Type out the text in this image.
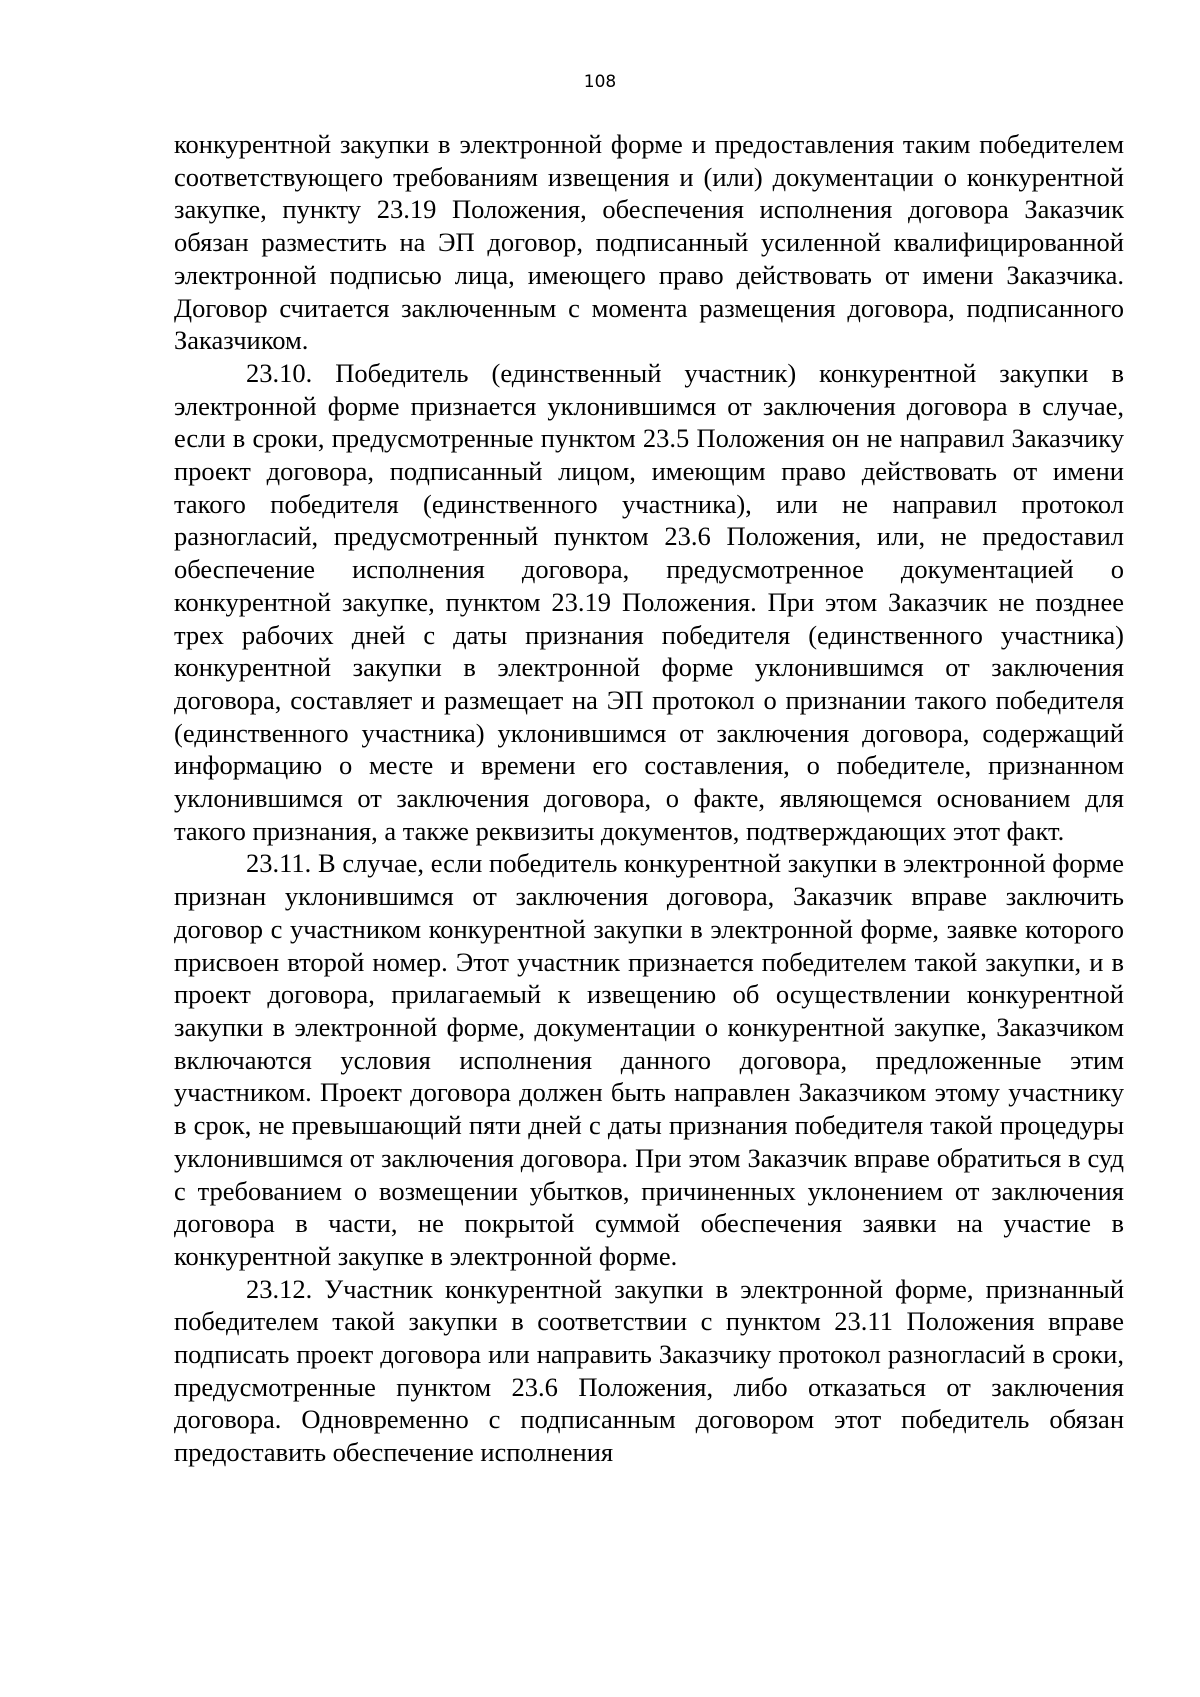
108

конкурентной закупки в электронной форме и предоставления таким победителем соответствующего требованиям извещения и (или) документации о конкурентной закупке, пункту 23.19 Положения, обеспечения исполнения договора Заказчик обязан разместить на ЭП договор, подписанный усиленной квалифицированной электронной подписью лица, имеющего право действовать от имени Заказчика. Договор считается заключенным с момента размещения договора, подписанного Заказчиком.

23.10. Победитель (единственный участник) конкурентной закупки в электронной форме признается уклонившимся от заключения договора в случае, если в сроки, предусмотренные пунктом 23.5 Положения он не направил Заказчику проект договора, подписанный лицом, имеющим право действовать от имени такого победителя (единственного участника), или не направил протокол разногласий, предусмотренный пунктом 23.6 Положения, или, не предоставил обеспечение исполнения договора, предусмотренное документацией о конкурентной закупке, пунктом 23.19 Положения. При этом Заказчик не позднее трех рабочих дней с даты признания победителя (единственного участника) конкурентной закупки в электронной форме уклонившимся от заключения договора, составляет и размещает на ЭП протокол о признании такого победителя (единственного участника) уклонившимся от заключения договора, содержащий информацию о месте и времени его составления, о победителе, признанном уклонившимся от заключения договора, о факте, являющемся основанием для такого признания, а также реквизиты документов, подтверждающих этот факт.

23.11. В случае, если победитель конкурентной закупки в электронной форме признан уклонившимся от заключения договора, Заказчик вправе заключить договор с участником конкурентной закупки в электронной форме, заявке которого присвоен второй номер. Этот участник признается победителем такой закупки, и в проект договора, прилагаемый к извещению об осуществлении конкурентной закупки в электронной форме, документации о конкурентной закупке, Заказчиком включаются условия исполнения данного договора, предложенные этим участником. Проект договора должен быть направлен Заказчиком этому участнику в срок, не превышающий пяти дней с даты признания победителя такой процедуры уклонившимся от заключения договора. При этом Заказчик вправе обратиться в суд с требованием о возмещении убытков, причиненных уклонением от заключения договора в части, не покрытой суммой обеспечения заявки на участие в конкурентной закупке в электронной форме.

23.12. Участник конкурентной закупки в электронной форме, признанный победителем такой закупки в соответствии с пунктом 23.11 Положения вправе подписать проект договора или направить Заказчику протокол разногласий в сроки, предусмотренные пунктом 23.6 Положения, либо отказаться от заключения договора. Одновременно с подписанным договором этот победитель обязан предоставить обеспечение исполнения
